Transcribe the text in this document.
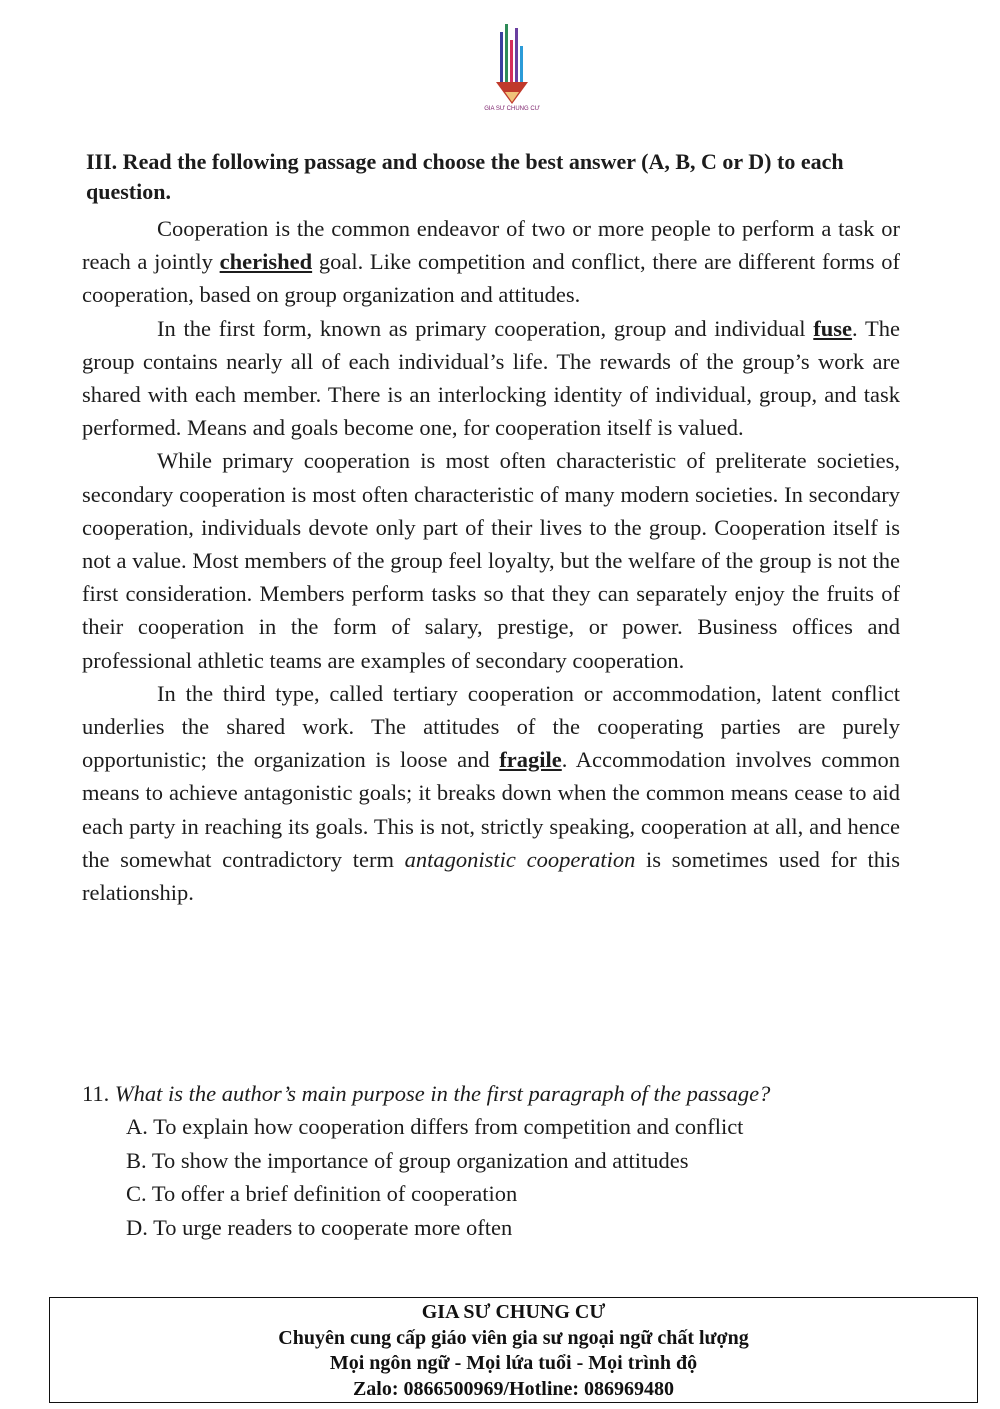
GIA SƯ CHUNG CƯ
III. Read the following passage and choose the best answer (A, B, C or D) to each question.

Cooperation is the common endeavor of two or more people to perform a task or reach a jointly cherished goal. Like competition and conflict, there are different forms of cooperation, based on group organization and attitudes.

In the first form, known as primary cooperation, group and individual fuse. The group contains nearly all of each individual’s life. The rewards of the group’s work are shared with each member. There is an interlocking identity of individual, group, and task performed. Means and goals become one, for cooperation itself is valued.

While primary cooperation is most often characteristic of preliterate societies, secondary cooperation is most often characteristic of many modern societies. In secondary cooperation, individuals devote only part of their lives to the group. Cooperation itself is not a value. Most members of the group feel loyalty, but the welfare of the group is not the first consideration. Members perform tasks so that they can separately enjoy the fruits of their cooperation in the form of salary, prestige, or power. Business offices and professional athletic teams are examples of secondary cooperation.

In the third type, called tertiary cooperation or accommodation, latent conflict underlies the shared work. The attitudes of the cooperating parties are purely opportunistic; the organization is loose and fragile. Accommodation involves common means to achieve antagonistic goals; it breaks down when the common means cease to aid each party in reaching its goals. This is not, strictly speaking, cooperation at all, and hence the somewhat contradictory term antagonistic cooperation is sometimes used for this relationship.

11. What is the author’s main purpose in the first paragraph of the passage?
A. To explain how cooperation differs from competition and conflict
B. To show the importance of group organization and attitudes
C. To offer a brief definition of cooperation
D. To urge readers to cooperate more often
GIA SƯ CHUNG CƯ
Chuyên cung cấp giáo viên gia sư ngoại ngữ chất lượng
Mọi ngôn ngữ - Mọi lứa tuổi - Mọi trình độ
Zalo: 0866500969/Hotline: 086969480
